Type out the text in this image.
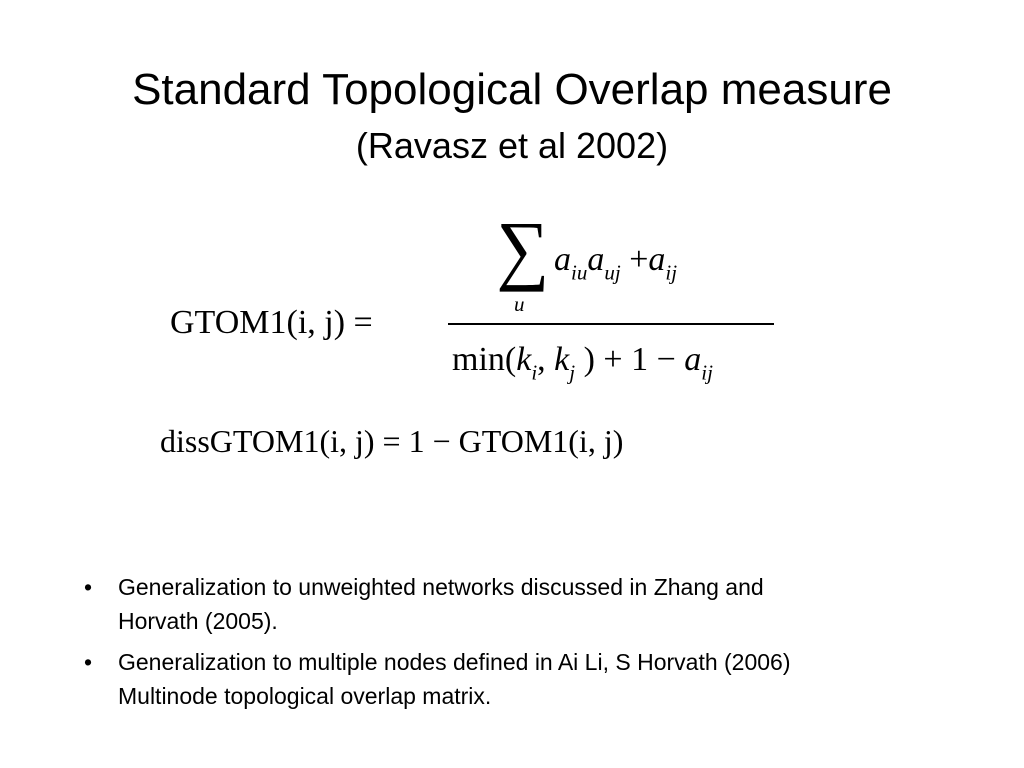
Standard Topological Overlap measure
(Ravasz et al 2002)
GTOM1(i, j) =
∑
u
$a_{iu}a_{uj} +a_{ij}$
$\min(k_i$, $k_j$ ) + $1 - a_{ij}$
dissGTOM1(i, j) = 1 − GTOM1(i, j)
• Generalization to unweighted networks discussed in Zhang and
Horvath (2005).
• Generalization to multiple nodes defined in Ai Li, S Horvath (2006)
Multinode topological overlap matrix.
